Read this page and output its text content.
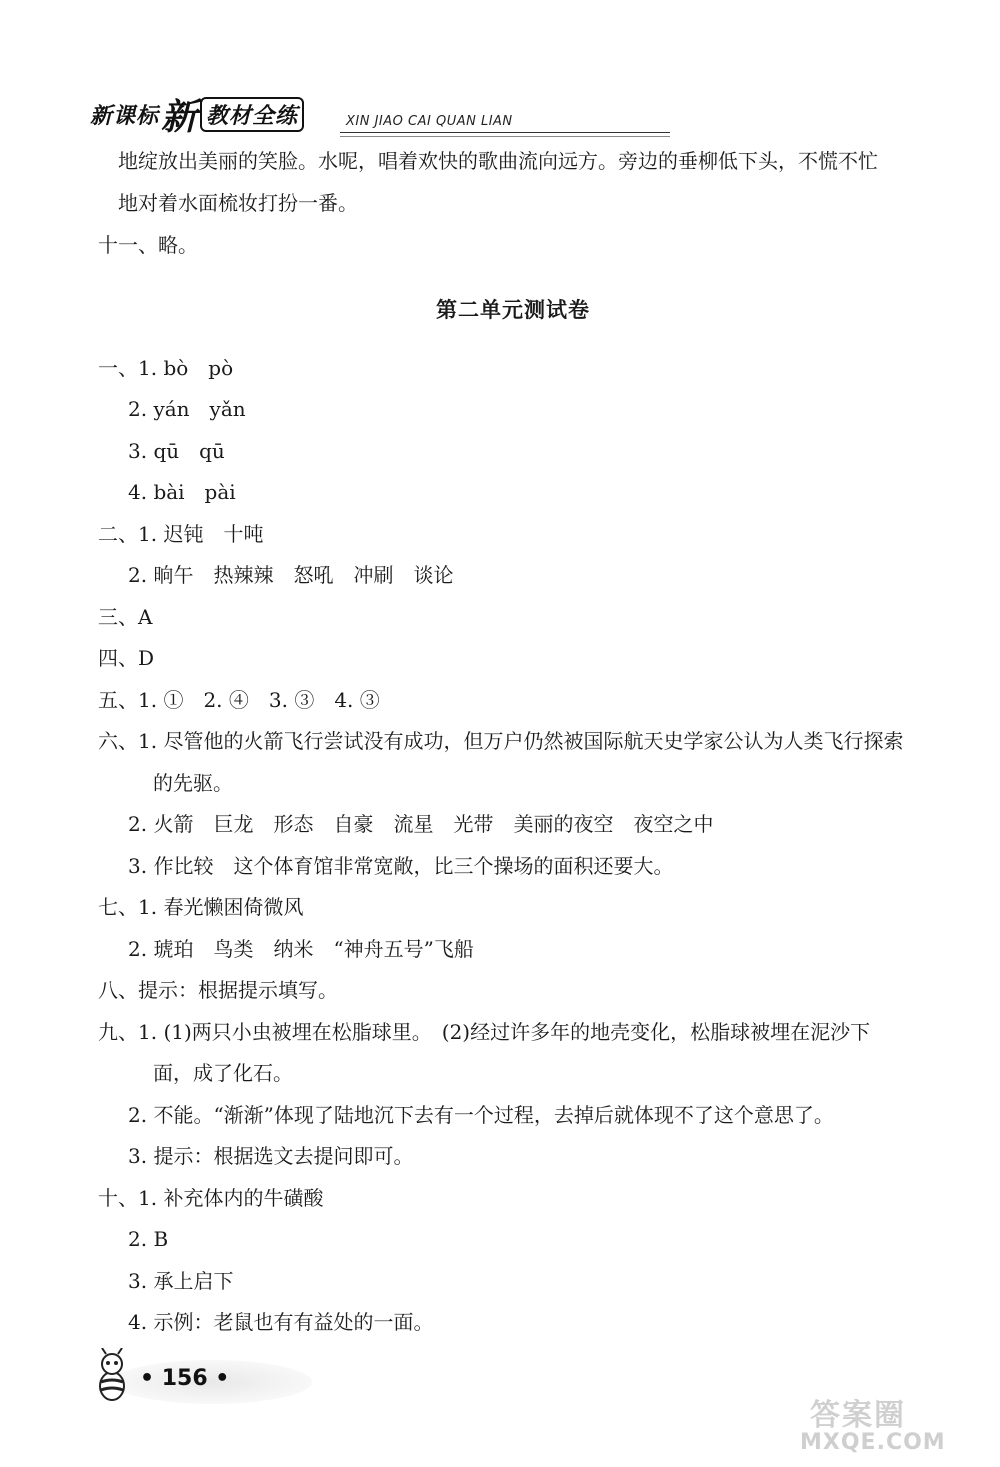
新课标 新 教材全练	XIN JIAO CAI QUAN LIAN
地绽放出美丽的笑脸。水呢，唱着欢快的歌曲流向远方。旁边的垂柳低下头，不慌不忙
地对着水面梳妆打扮一番。
十一、略。
第二单元测试卷
一、1. bò　pò
2. yán　yǎn
3. qū　qū
4. bài　pài
二、1. 迟钝　十吨
2. 晌午　热辣辣　怒吼　冲刷　谈论
三、A
四、D
五、1. ①　2. ④　3. ③　4. ③
六、1. 尽管他的火箭飞行尝试没有成功，但万户仍然被国际航天史学家公认为人类飞行探索
的先驱。
2. 火箭　巨龙　形态　自豪　流星　光带　美丽的夜空　夜空之中
3. 作比较　这个体育馆非常宽敞，比三个操场的面积还要大。
七、1. 春光懒困倚微风
2. 琥珀　鸟类　纳米　“神舟五号”飞船
八、提示：根据提示填写。
九、1. (1)两只小虫被埋在松脂球里。　(2)经过许多年的地壳变化，松脂球被埋在泥沙下
面，成了化石。
2. 不能。“渐渐”体现了陆地沉下去有一个过程，去掉后就体现不了这个意思了。
3. 提示：根据选文去提问即可。
十、1. 补充体内的牛磺酸
2. B
3. 承上启下
4. 示例：老鼠也有有益处的一面。
• 156 •
答案圈
MXQE.COM
